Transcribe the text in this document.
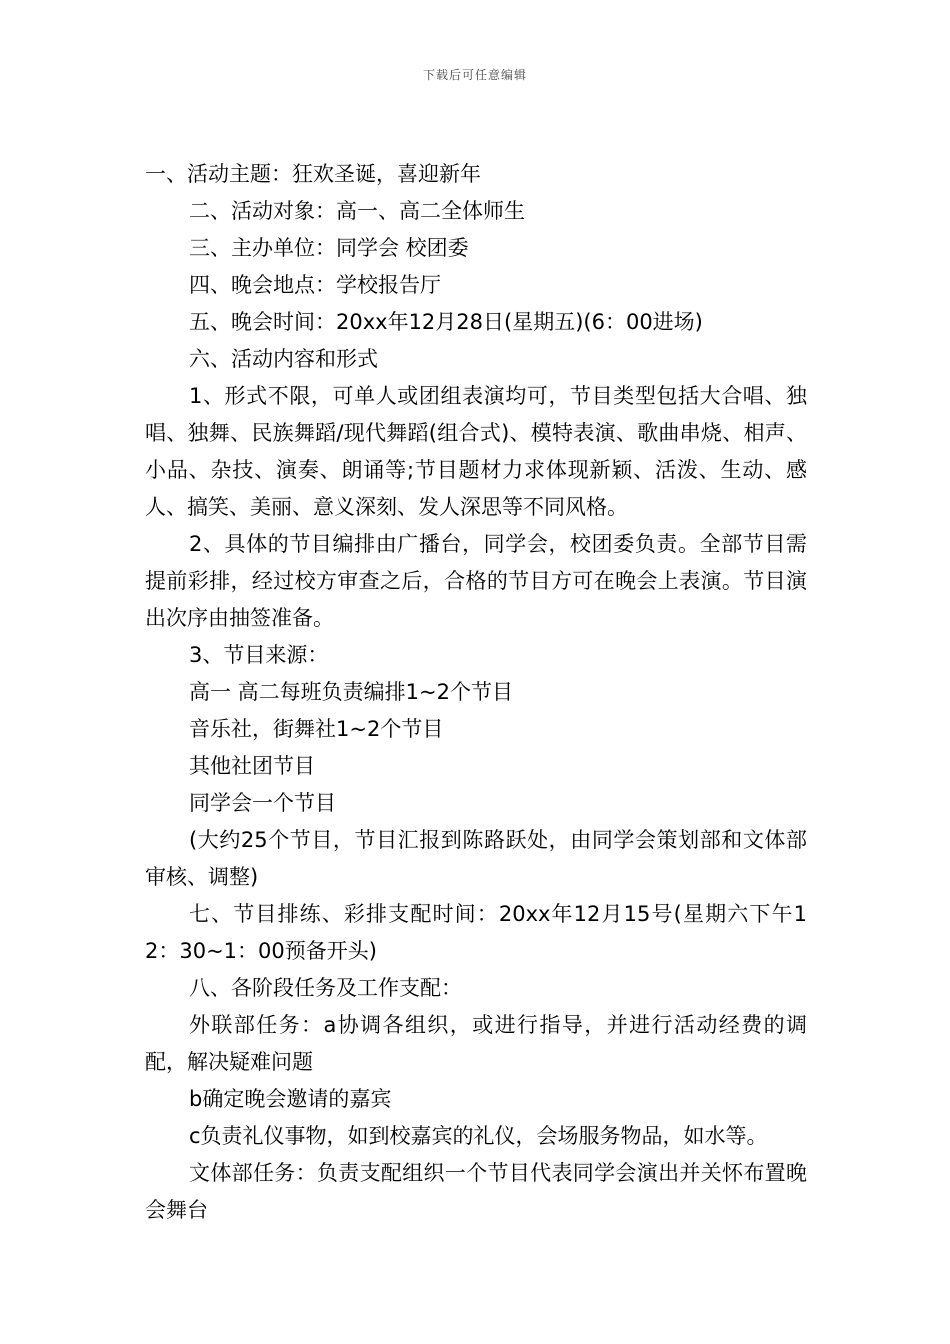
下载后可任意编辑

一、活动主题：狂欢圣诞，喜迎新年

二、活动对象：高一、高二全体师生

三、主办单位：同学会 校团委

四、晚会地点：学校报告厅

五、晚会时间：20xx年12月28日(星期五)(6：00进场)

六、活动内容和形式

1、形式不限，可单人或团组表演均可，节目类型包括大合唱、独唱、独舞、民族舞蹈/现代舞蹈(组合式)、模特表演、歌曲串烧、相声、小品、杂技、演奏、朗诵等;节目题材力求体现新颖、活泼、生动、感人、搞笑、美丽、意义深刻、发人深思等不同风格。

2、具体的节目编排由广播台，同学会，校团委负责。全部节目需提前彩排，经过校方审查之后，合格的节目方可在晚会上表演。节目演出次序由抽签准备。

3、节目来源：

高一 高二每班负责编排1~2个节目

音乐社，街舞社1~2个节目

其他社团节目

同学会一个节目

(大约25个节目，节目汇报到陈路跃处，由同学会策划部和文体部审核、调整)

七、节目排练、彩排支配时间：20xx年12月15号(星期六下午12：30~1：00预备开头)

八、各阶段任务及工作支配：

外联部任务：a协调各组织，或进行指导，并进行活动经费的调配，解决疑难问题

b确定晚会邀请的嘉宾

c负责礼仪事物，如到校嘉宾的礼仪，会场服务物品，如水等。

文体部任务：负责支配组织一个节目代表同学会演出并关怀布置晚会舞台
